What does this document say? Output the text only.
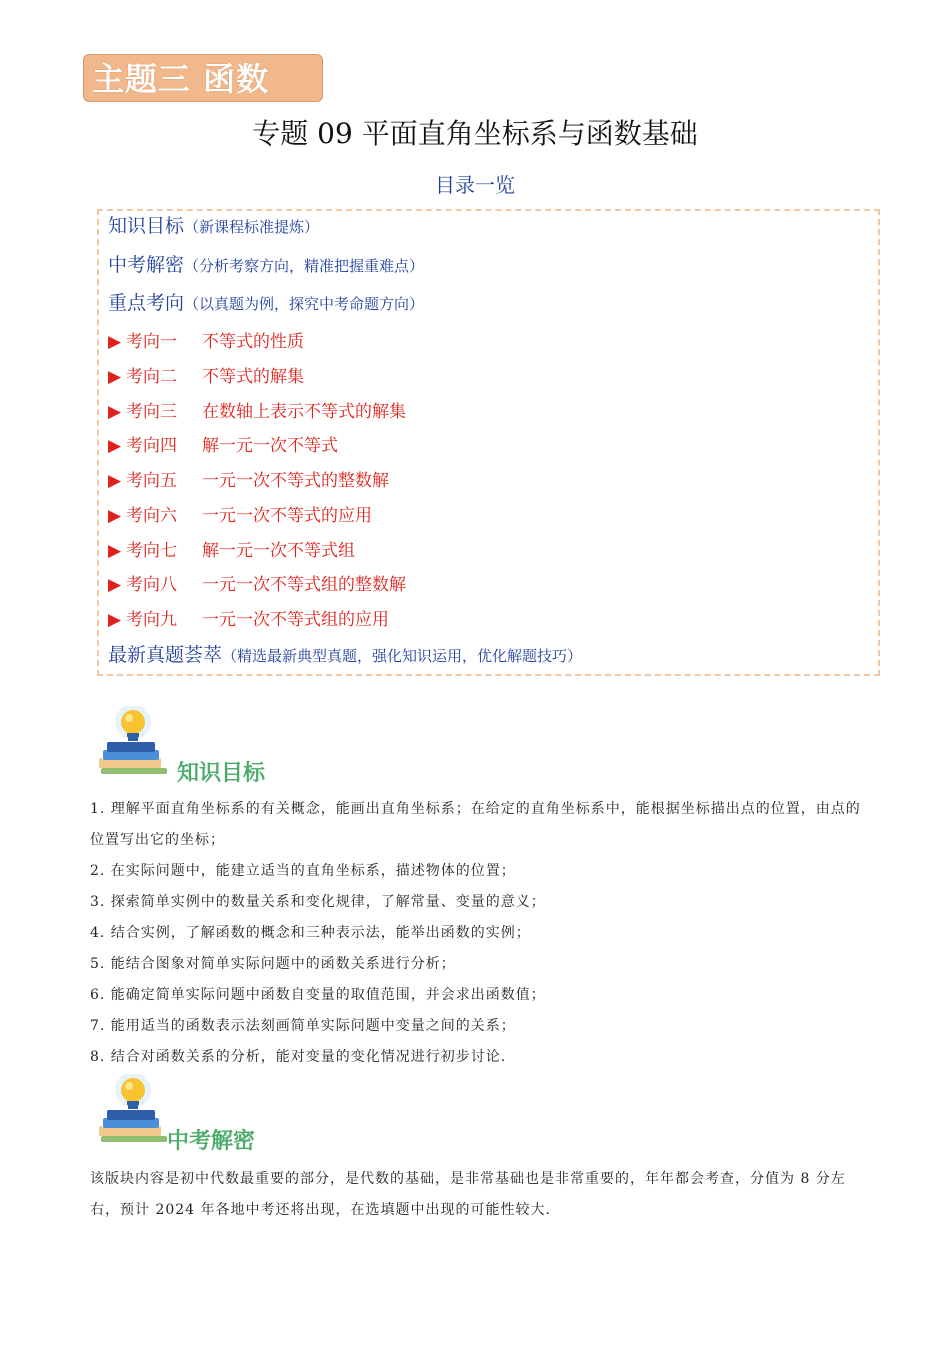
主题三 函数
专题 09 平面直角坐标系与函数基础
目录一览
知识目标（新课程标准提炼）
中考解密（分析考察方向，精准把握重难点）
重点考向（以真题为例，探究中考命题方向）
▶ 考向一 不等式的性质
▶ 考向二 不等式的解集
▶ 考向三 在数轴上表示不等式的解集
▶ 考向四 解一元一次不等式
▶ 考向五 一元一次不等式的整数解
▶ 考向六 一元一次不等式的应用
▶ 考向七 解一元一次不等式组
▶ 考向八 一元一次不等式组的整数解
▶ 考向九 一元一次不等式组的应用
最新真题荟萃（精选最新典型真题，强化知识运用，优化解题技巧）
知识目标

1. 理解平面直角坐标系的有关概念，能画出直角坐标系；在给定的直角坐标系中，能根据坐标描出点的位置，由点的位置写出它的坐标；

2. 在实际问题中，能建立适当的直角坐标系，描述物体的位置；

3. 探索简单实例中的数量关系和变化规律，了解常量、变量的意义；

4. 结合实例，了解函数的概念和三种表示法，能举出函数的实例；

5. 能结合图象对简单实际问题中的函数关系进行分析；

6. 能确定简单实际问题中函数自变量的取值范围，并会求出函数值；

7. 能用适当的函数表示法刻画简单实际问题中变量之间的关系；

8. 结合对函数关系的分析，能对变量的变化情况进行初步讨论.

中考解密

该版块内容是初中代数最重要的部分，是代数的基础，是非常基础也是非常重要的，年年都会考查，分值为 8 分左右，预计 2024 年各地中考还将出现，在选填题中出现的可能性较大.
